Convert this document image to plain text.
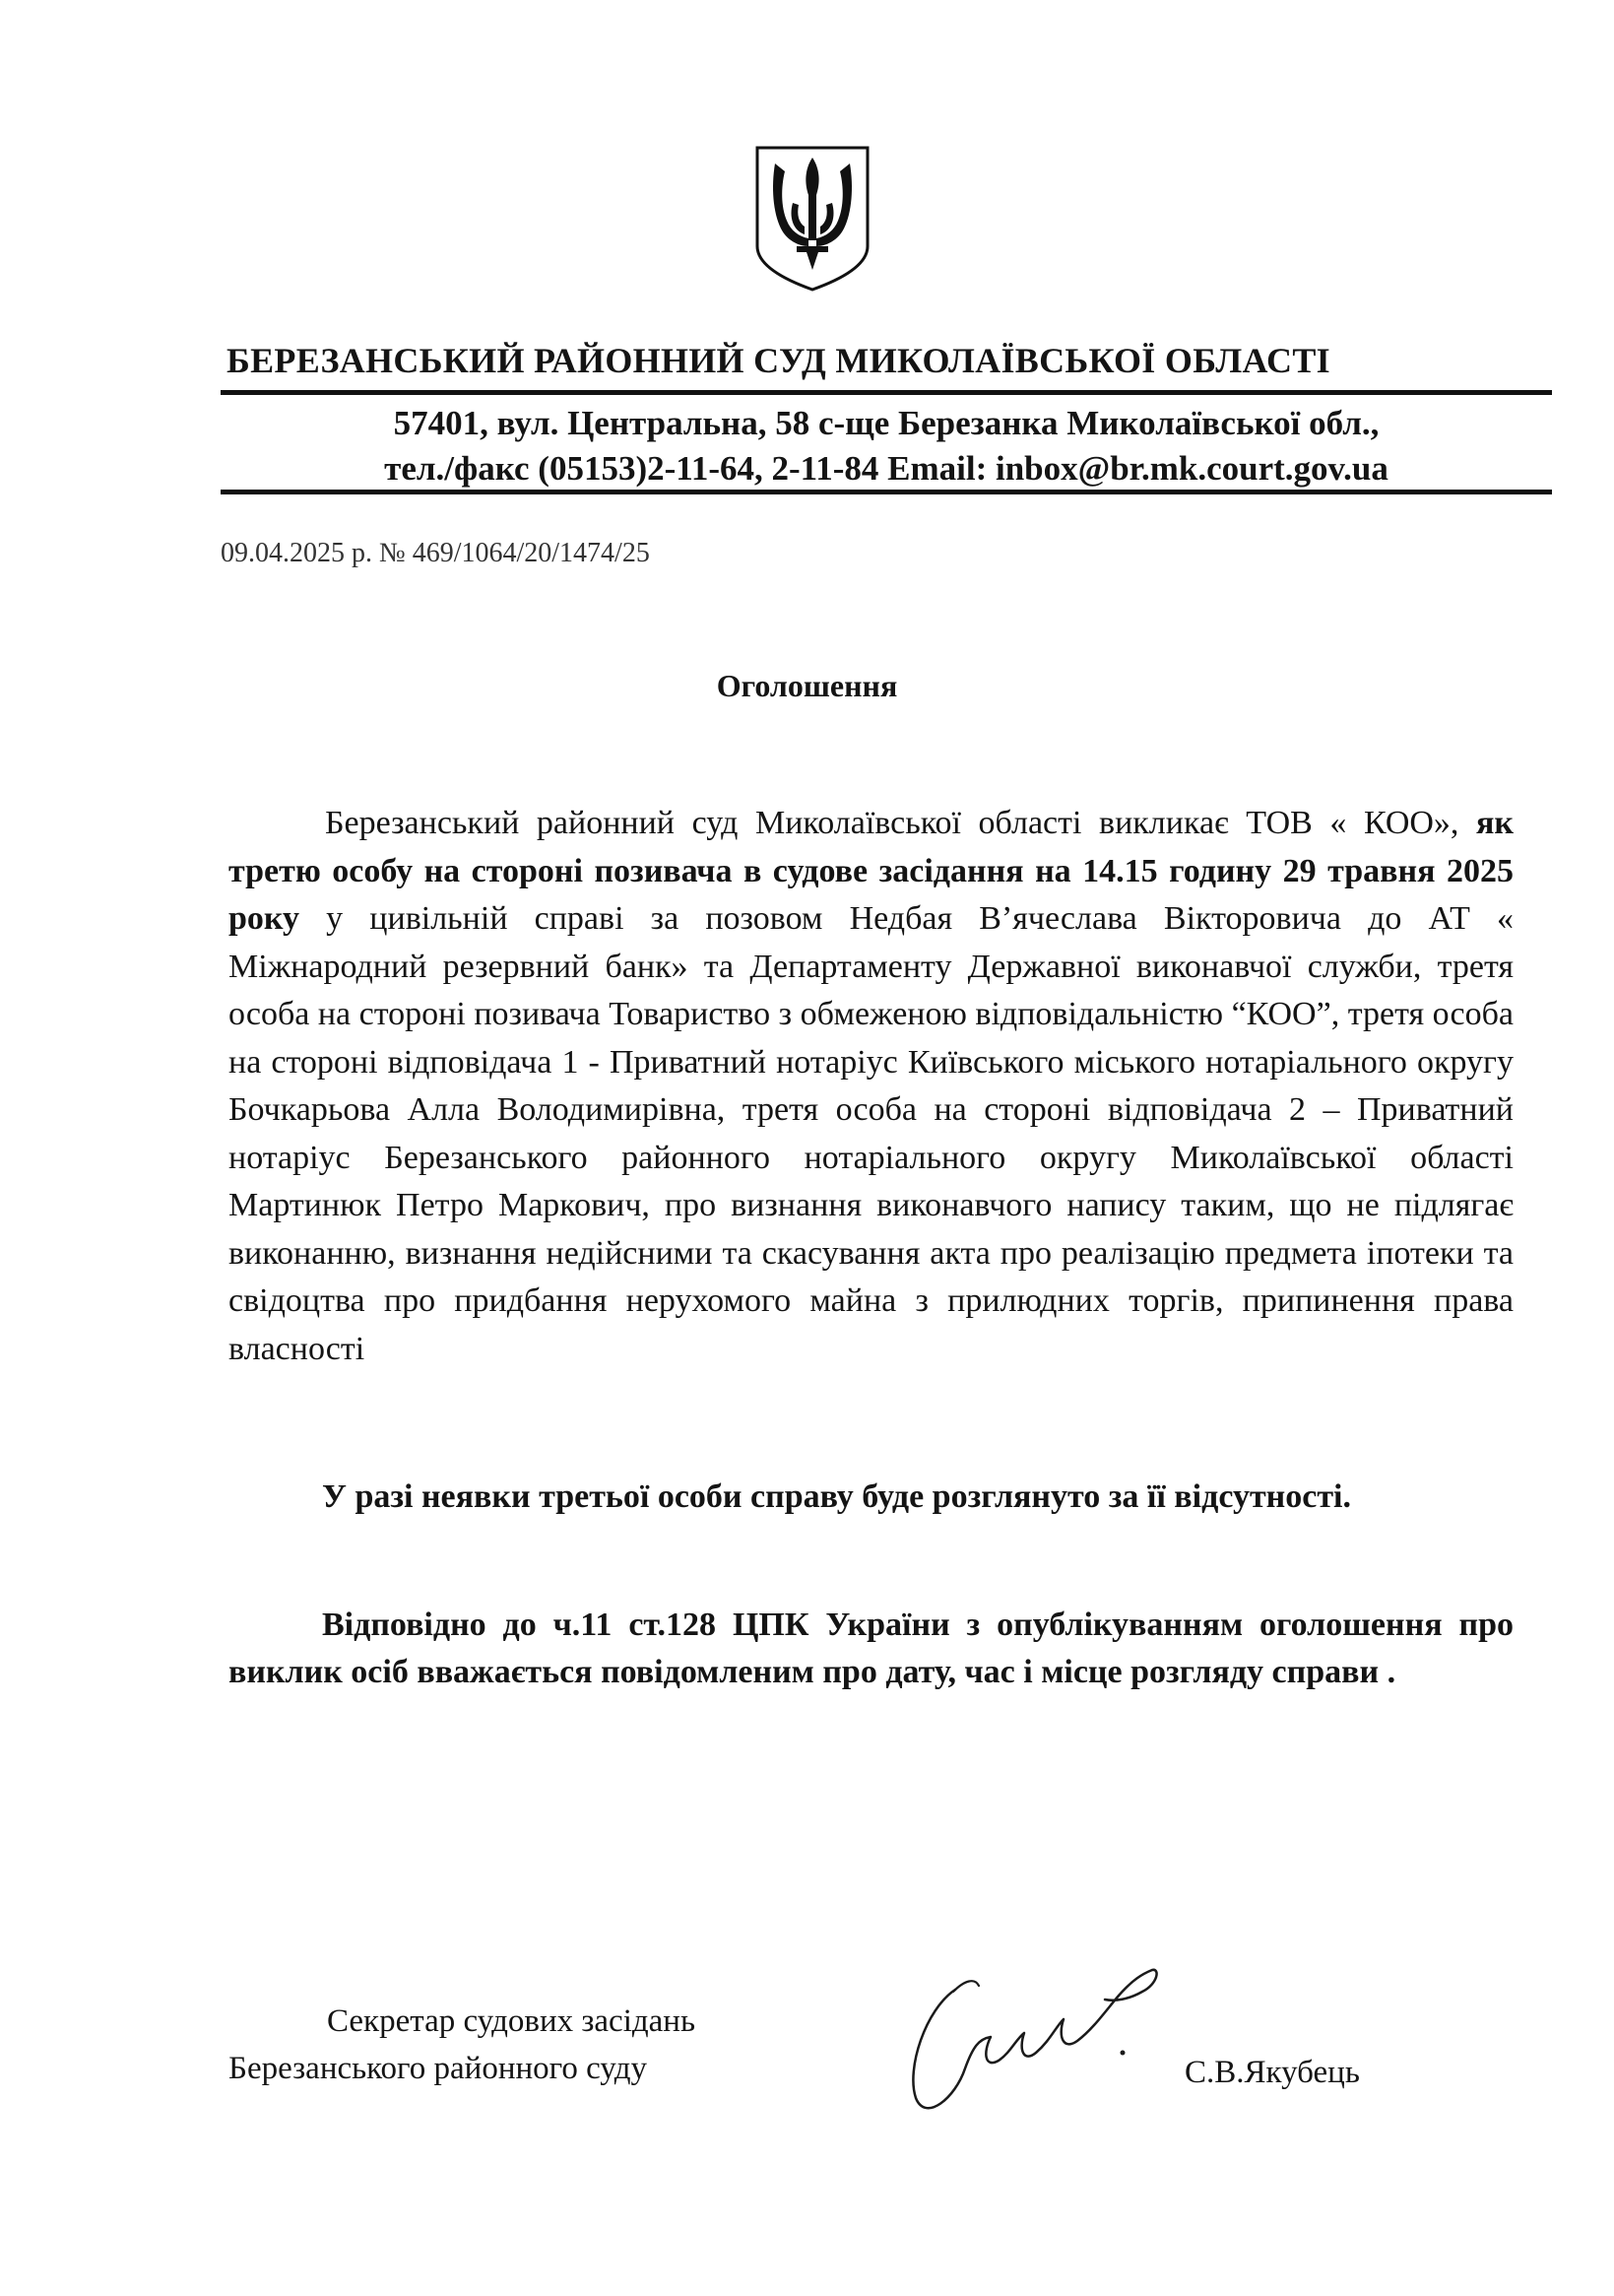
БЕРЕЗАНСЬКИЙ РАЙОННИЙ СУД МИКОЛАЇВСЬКОЇ ОБЛАСТІ
57401, вул. Центральна, 58 с-ще Березанка Миколаївської обл.,
тел./факс (05153)2-11-64, 2-11-84 Email: inbox@br.mk.court.gov.ua
09.04.2025 р. № 469/1064/20/1474/25
Оголошення

Березанський районний суд Миколаївської області викликає ТОВ « КОО», як третю особу на стороні позивача в судове засідання на 14.15 годину 29 травня 2025 року у цивільній справі за позовом Недбая В’ячеслава Вікторовича до АТ « Міжнародний резервний банк» та Департаменту Державної виконавчої служби, третя особа на стороні позивача Товариство з обмеженою відповідальністю “КОО”, третя особа на стороні відповідача 1 - Приватний нотаріус Київського міського нотаріального округу Бочкарьова Алла Володимирівна, третя особа на стороні відповідача 2 – Приватний нотаріус Березанського районного нотаріального округу Миколаївської області Мартинюк Петро Маркович, про визнання виконавчого напису таким, що не підлягає виконанню, визнання недійсними та скасування акта про реалізацію предмета іпотеки та свідоцтва про придбання нерухомого майна з прилюдних торгів, припинення права власності

У разі неявки третьої особи справу буде розглянуто за її відсутності.

Відповідно до ч.11 ст.128 ЦПК України з опублікуванням оголошення про виклик осіб вважається повідомленим про дату, час і місце розгляду справи .

Секретар судових засідань
Березанського районного суду	С.В.Якубець
